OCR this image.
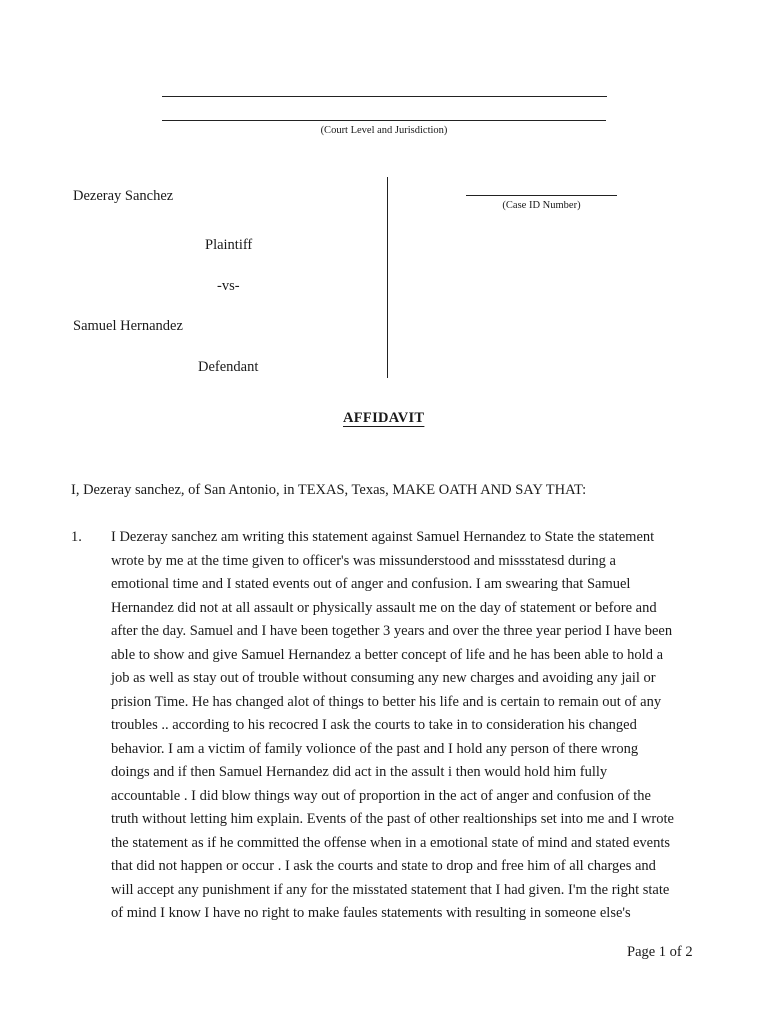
(Court Level and Jurisdiction)
(Case ID Number)
Dezeray Sanchez
Plaintiff
-vs-
Samuel Hernandez
Defendant
AFFIDAVIT
I, Dezeray sanchez, of San Antonio, in TEXAS, Texas, MAKE OATH AND SAY THAT:
1. I Dezeray sanchez am writing this statement against Samuel Hernandez to State the statement
wrote by me at the time given to officer's was missunderstood and missstatesd during a
emotional time and I stated events out of anger and confusion. I am swearing that Samuel
Hernandez did not at all assault or physically assault me on the day of statement or before and
after the day. Samuel and I have been together 3 years and over the three year period I have been
able to show and give Samuel Hernandez a better concept of life and he has been able to hold a
job as well as stay out of trouble without consuming any new charges and avoiding any jail or
prision Time. He has changed alot of things to better his life and is certain to remain out of any
troubles .. according to his recocred I ask the courts to take in to consideration his changed
behavior. I am a victim of family volionce of the past and I hold any person of there wrong
doings and if then Samuel Hernandez did act in the assult i then would hold him fully
accountable . I did blow things way out of proportion in the act of anger and confusion of the
truth without letting him explain. Events of the past of other realtionships set into me and I wrote
the statement as if he committed the offense when in a emotional state of mind and stated events
that did not happen or occur . I ask the courts and state to drop and free him of all charges and
will accept any punishment if any for the misstated statement that I had given. I'm the right state
of mind I know I have no right to make faules statements with resulting in someone else's
Page 1 of 2
